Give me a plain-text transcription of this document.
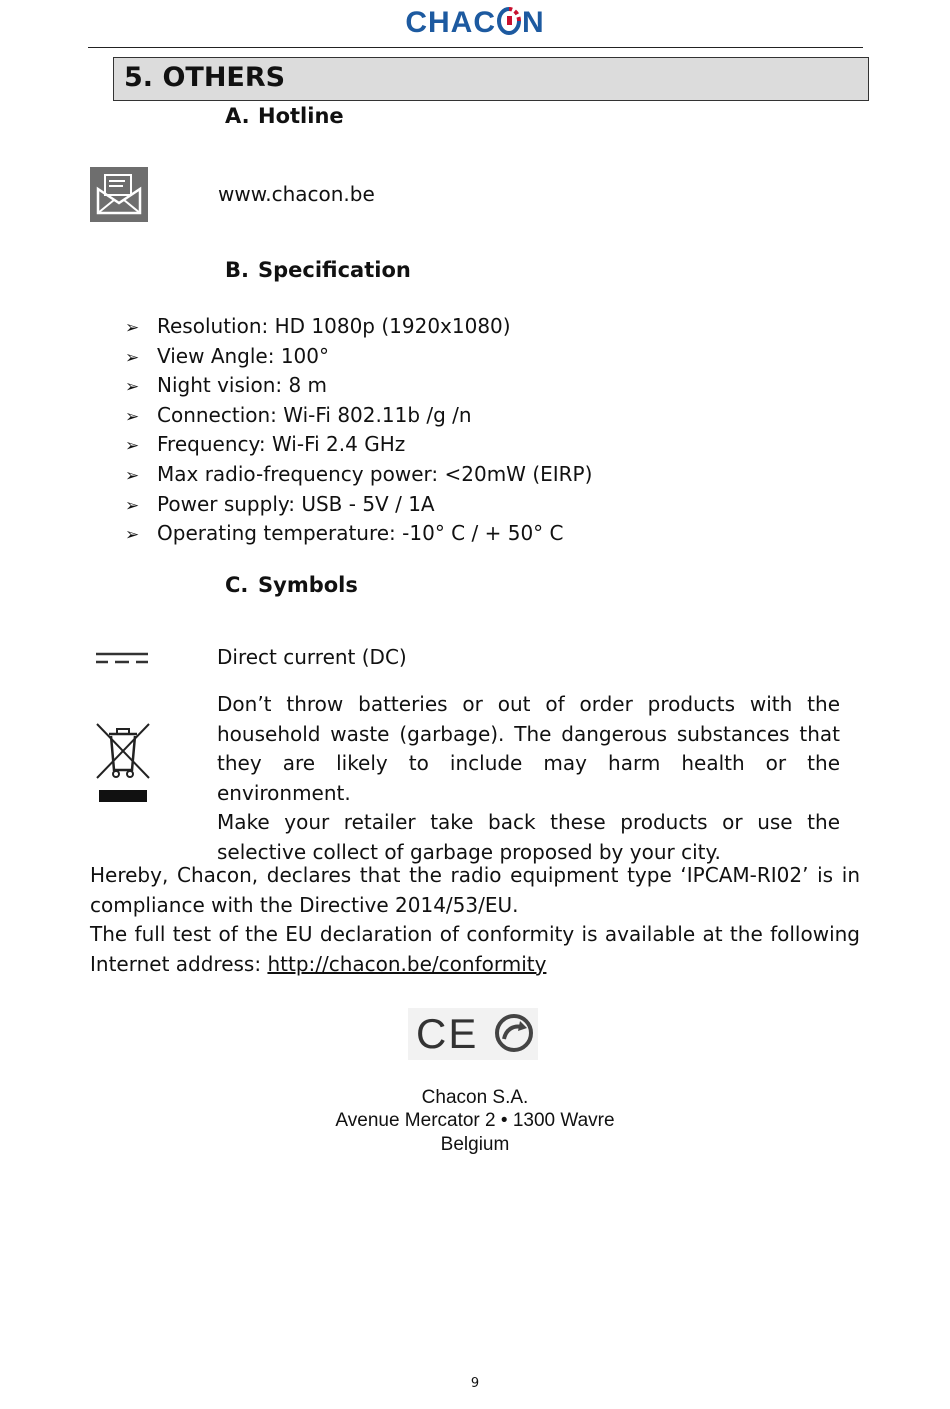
CHAC N
5. OTHERS
A. Hotline
www.chacon.be
B. Specification
➢ Resolution: HD 1080p (1920x1080)
➢ View Angle: 100°
➢ Night vision: 8 m
➢ Connection: Wi-Fi 802.11b /g /n
➢ Frequency: Wi-Fi 2.4 GHz
➢ Max radio-frequency power: <20mW (EIRP)
➢ Power supply: USB - 5V / 1A
➢ Operating temperature: -10° C / + 50° C
C. Symbols
Direct current (DC)
Don’t throw batteries or out of order products with the
household waste (garbage). The dangerous substances that
they are likely to include may harm health or the environment.
Make your retailer take back these products or use the
selective collect of garbage proposed by your city.
Hereby, Chacon, declares that the radio equipment type ‘IPCAM-RI02’ is in
compliance with the Directive 2014/53/EU.
The full test of the EU declaration of conformity is available at the following
Internet address: http://chacon.be/conformity
CE
Chacon S.A.
Avenue Mercator 2 • 1300 Wavre
Belgium
9
